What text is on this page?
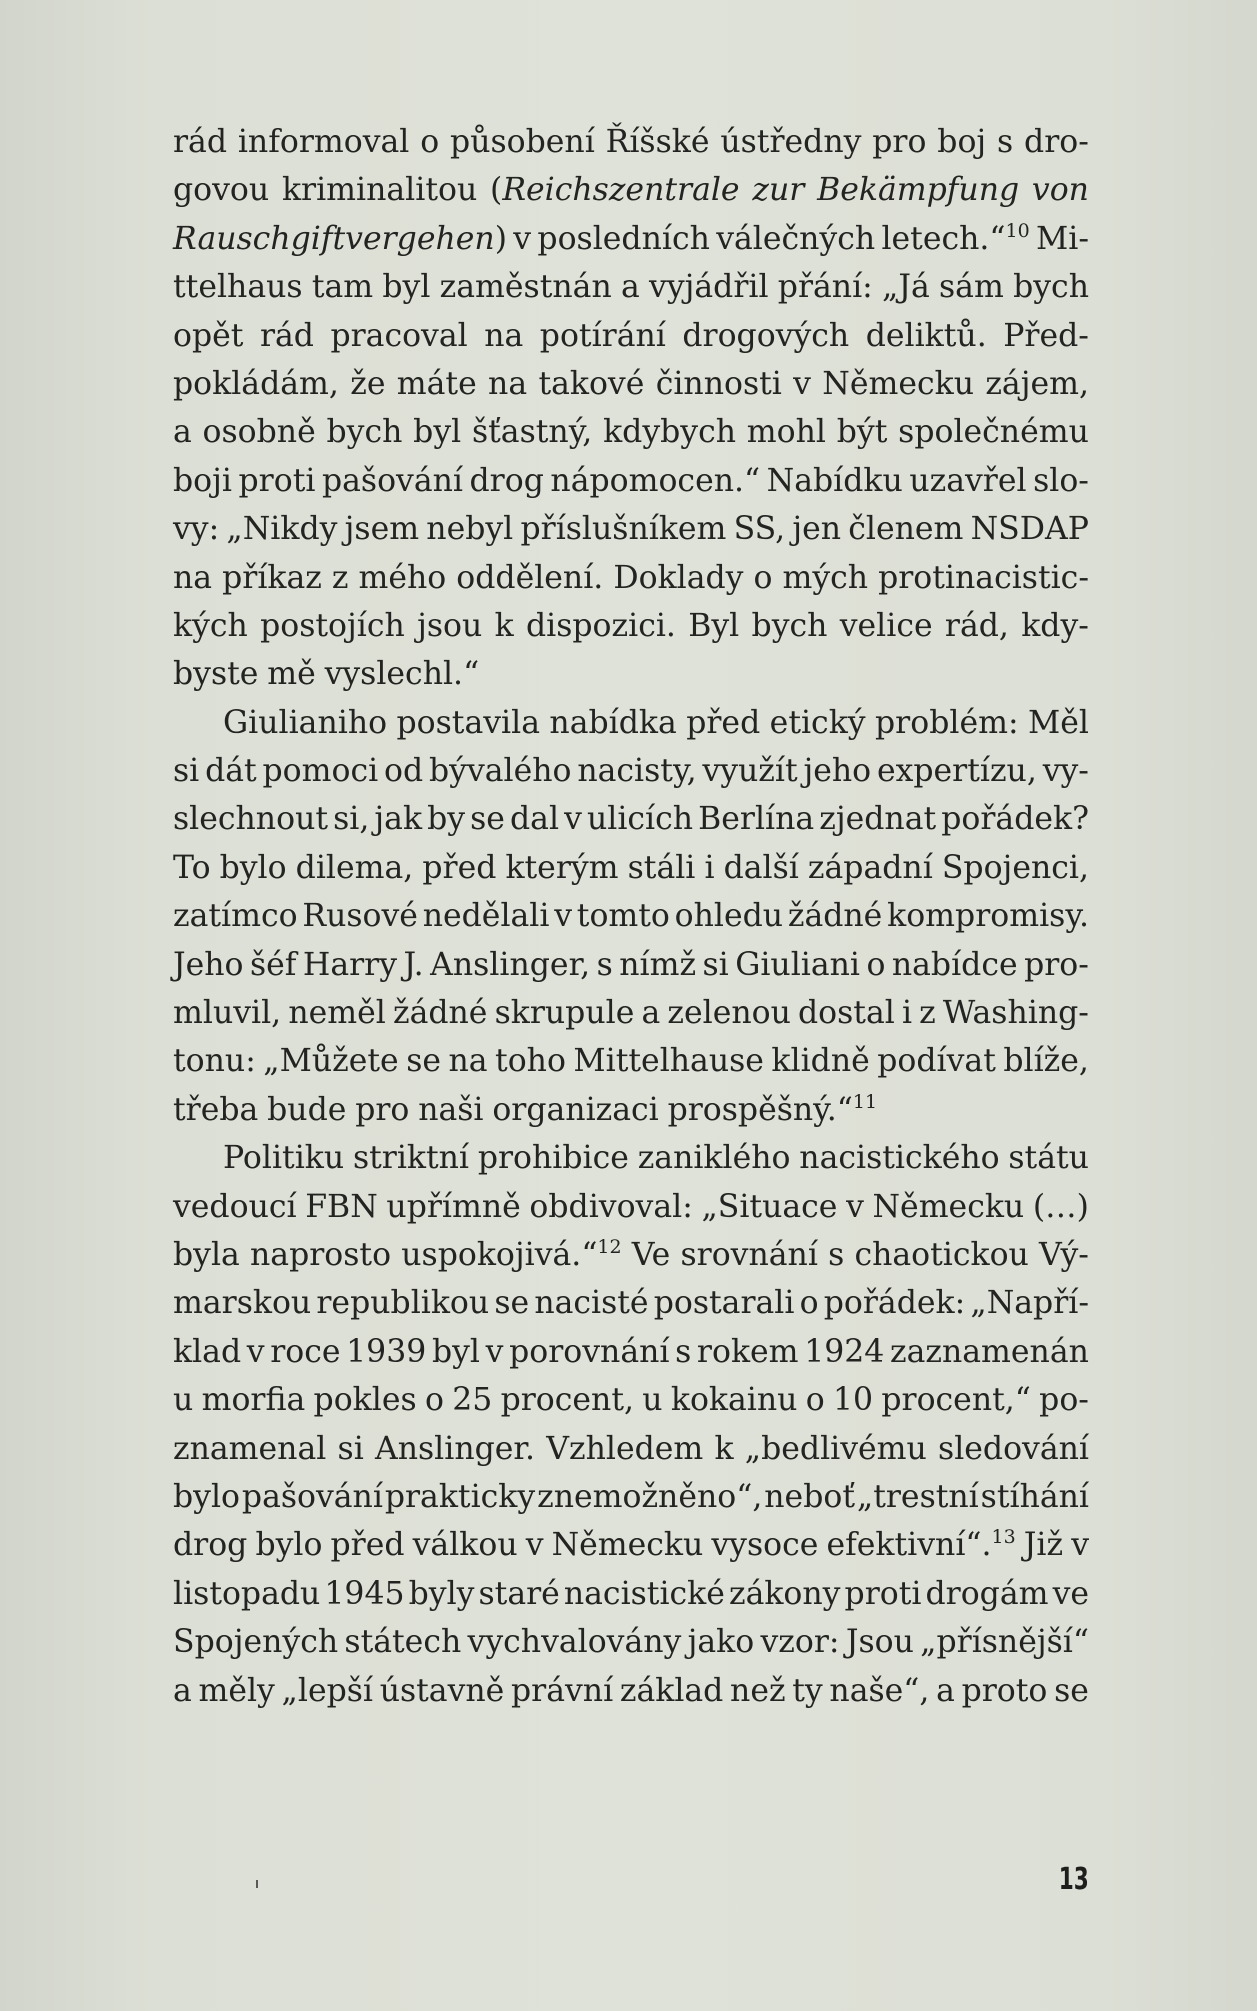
rád informoval o působení Říšské ústředny pro boj s dro-
govou kriminalitou (Reichszentrale zur Bekämpfung von
Rauschgiftvergehen) v posledních válečných letech.“$^{10}$ Mi-
ttelhaus tam byl zaměstnán a vyjádřil přání: „Já sám bych
opět rád pracoval na potírání drogových deliktů. Před-
pokládám, že máte na takové činnosti v Německu zájem,
a osobně bych byl šťastný, kdybych mohl být společnému
boji proti pašování drog nápomocen.“ Nabídku uzavřel slo-
vy: „Nikdy jsem nebyl příslušníkem SS, jen členem NSDAP
na příkaz z mého oddělení. Doklady o mých protinacistic-
kých postojích jsou k dispozici. Byl bych velice rád, kdy-
byste mě vyslechl.“
Giulianiho postavila nabídka před etický problém: Měl
si dát pomoci od bývalého nacisty, využít jeho expertízu, vy-
slechnout si, jak by se dal v ulicích Berlína zjednat pořádek?
To bylo dilema, před kterým stáli i další západní Spojenci,
zatímco Rusové nedělali v tomto ohledu žádné kompromisy.
Jeho šéf Harry J. Anslinger, s nímž si Giuliani o nabídce pro-
mluvil, neměl žádné skrupule a zelenou dostal i z Washing-
tonu: „Můžete se na toho Mittelhause klidně podívat blíže,
třeba bude pro naši organizaci prospěšný.“$^{11}$
Politiku striktní prohibice zaniklého nacistického státu
vedoucí FBN upřímně obdivoval: „Situace v Německu (…)
byla naprosto uspokojivá.“$^{12}$ Ve srovnání s chaotickou Vý-
marskou republikou se nacisté postarali o pořádek: „Napří-
klad v roce 1939 byl v porovnání s rokem 1924 zaznamenán
u morfia pokles o 25 procent, u kokainu o 10 procent,“ po-
znamenal si Anslinger. Vzhledem k „bedlivému sledování
bylo pašování prakticky znemožněno“, neboť „trestní stíhání
drog bylo před válkou v Německu vysoce efektivní“.$^{13}$ Již v
listopadu 1945 byly staré nacistické zákony proti drogám ve
Spojených státech vychvalovány jako vzor: Jsou „přísnější“
a měly „lepší ústavně právní základ než ty naše“, a proto se
13
